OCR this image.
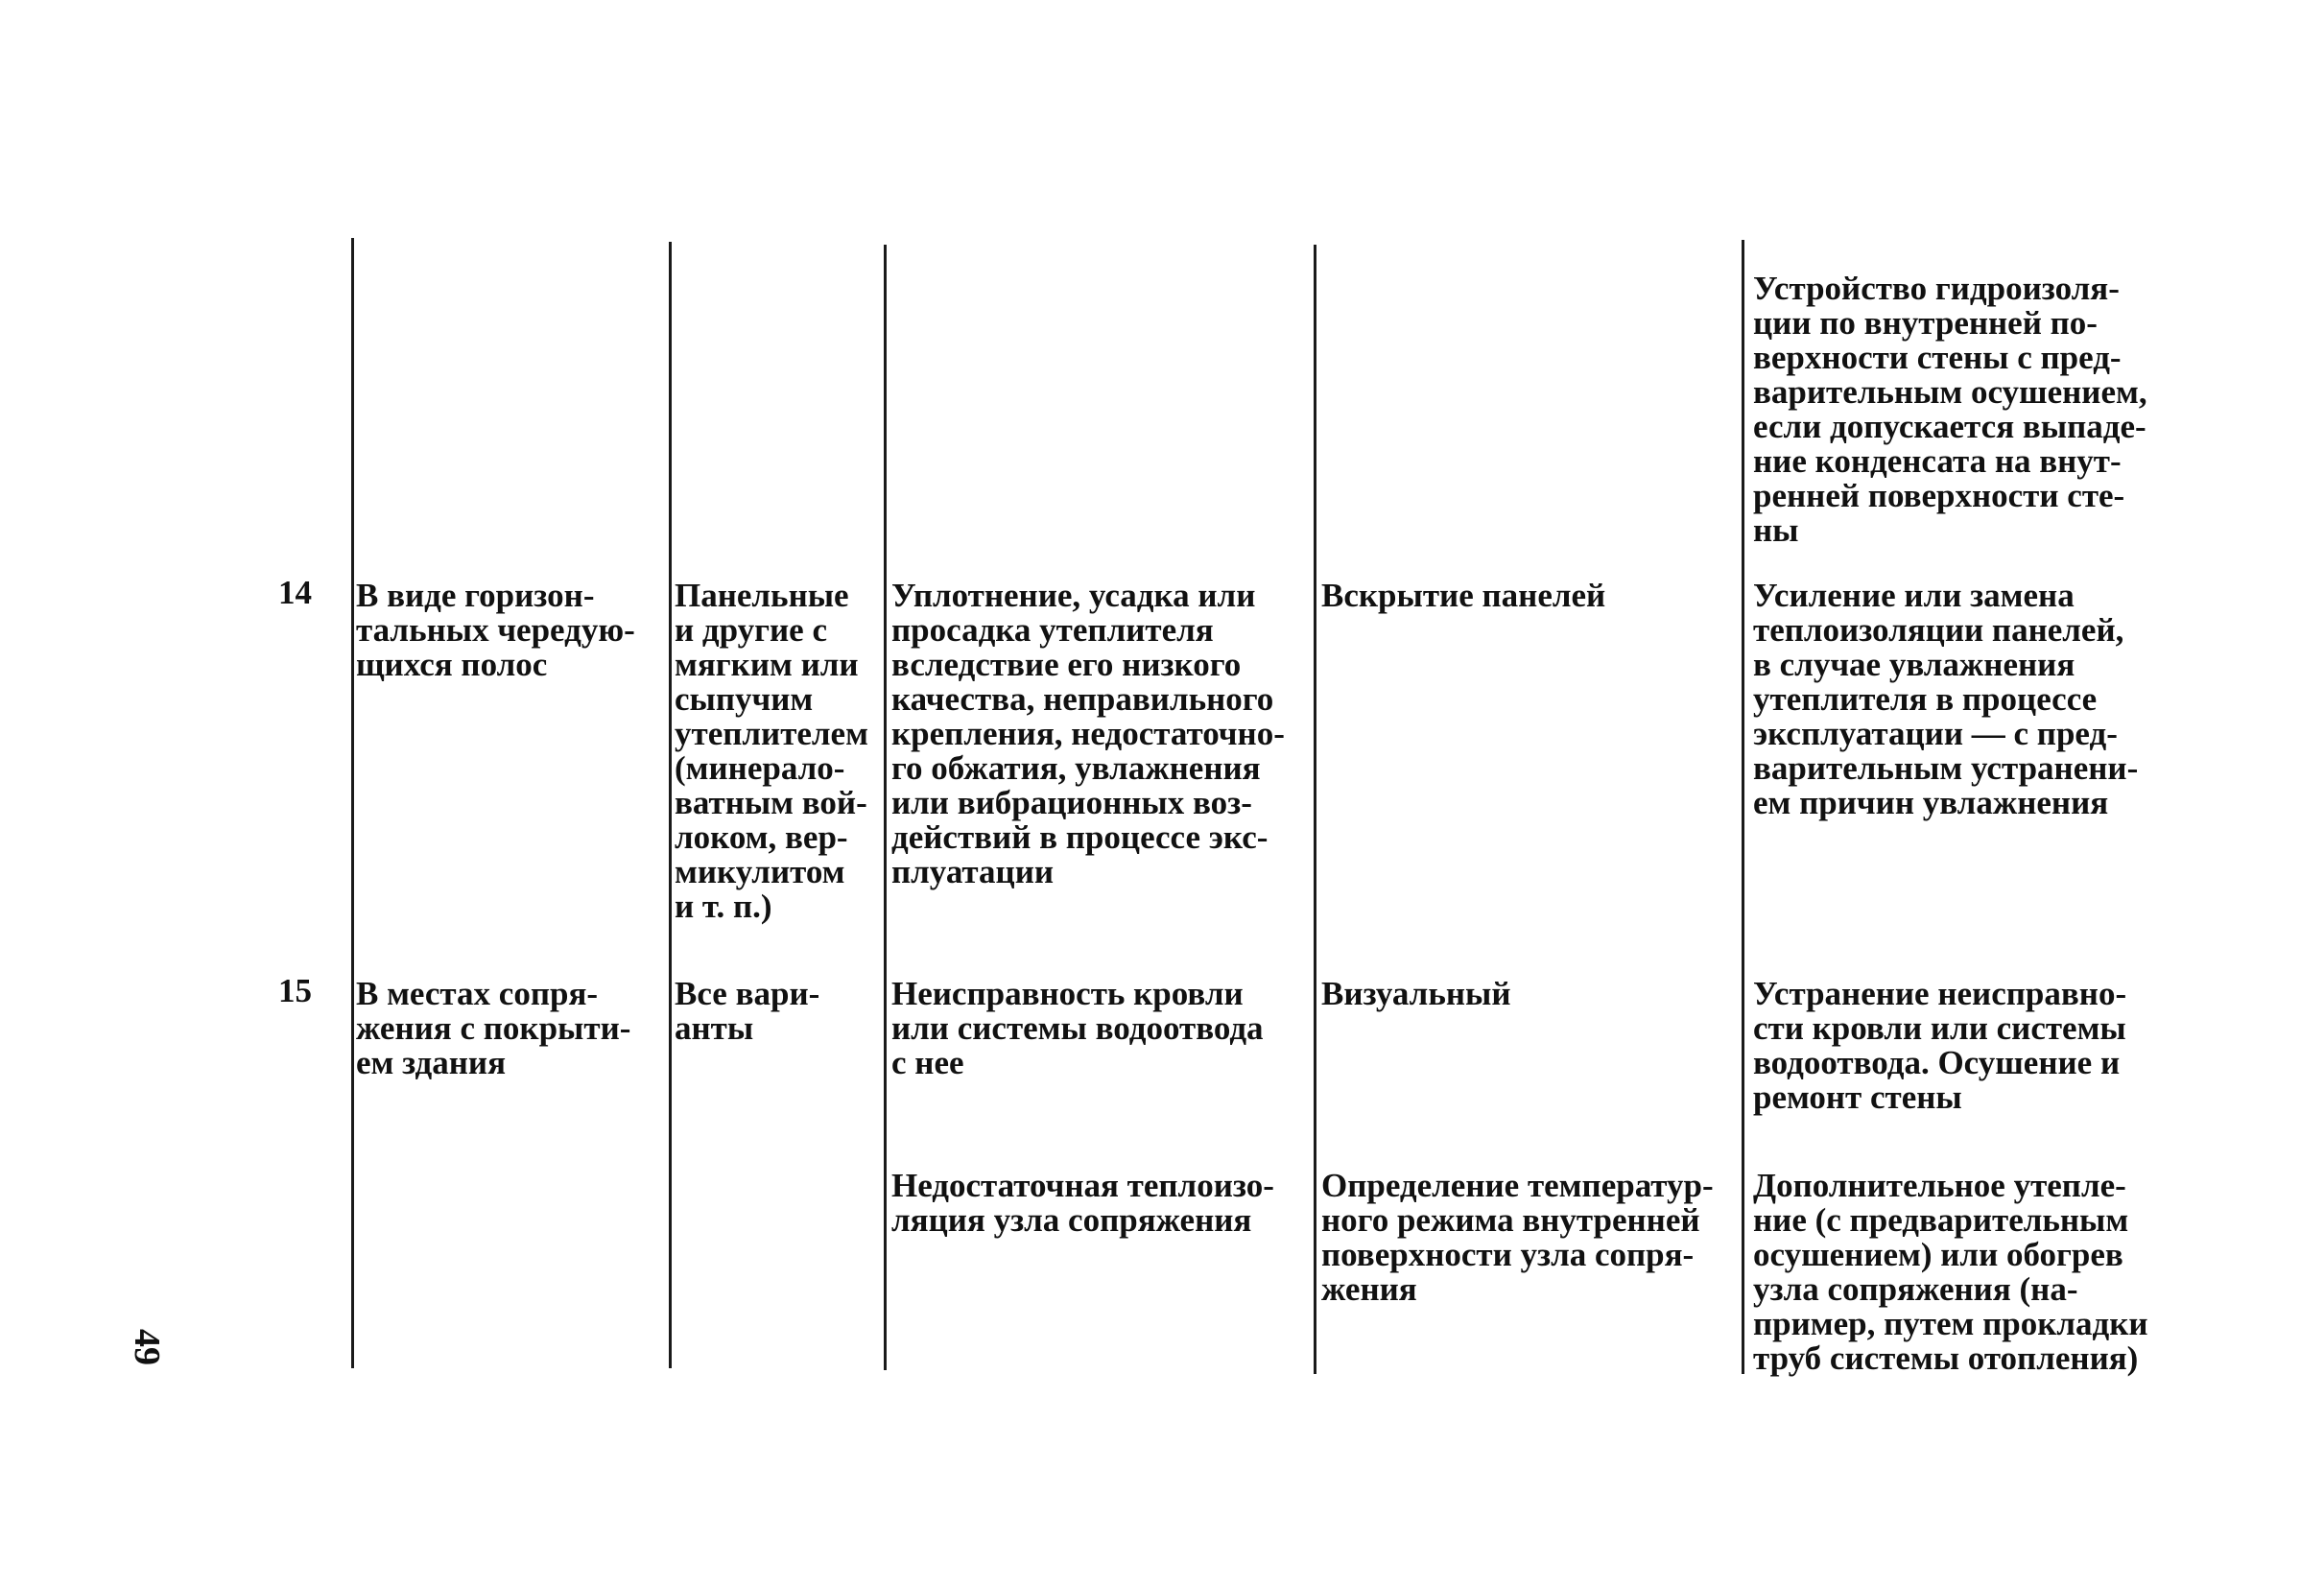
Устройство гидроизоля-
ции по внутренней по-
верхности стены с пред-
варительным осушением,
если допускается выпаде-
ние конденсата на внут-
ренней поверхности сте-
ны
14 В виде горизон-
тальных чередую-
щихся полос
Панельные
и другие с
мягким или
сыпучим
утеплителем
(минерало-
ватным вой-
локом, вер-
микулитом
и т. п.)
Уплотнение, усадка или
просадка утеплителя
вследствие его низкого
качества, неправильного
крепления, недостаточно-
го обжатия, увлажнения
или вибрационных воз-
действий в процессе экс-
плуатации
Вскрытие панелей	Усиление или замена
теплоизоляции панелей,
в случае увлажнения
утеплителя в процессе
эксплуатации — с пред-
варительным устранени-
ем причин увлажнения
15 В местах сопря-
жения с покрыти-
ем здания
Все вари-
анты
Неисправность кровли
или системы водоотвода
с нее
Визуальный	Устранение неисправно-
сти кровли или системы
водоотвода. Осушение и
ремонт стены
Недостаточная теплоизо-
ляция узла сопряжения
Определение температур-
ного режима внутренней
поверхности узла сопря-
жения
Дополнительное утепле-
ние (с предварительным
осушением) или обогрев
узла сопряжения (на-
пример, путем прокладки
труб системы отопления)
49
